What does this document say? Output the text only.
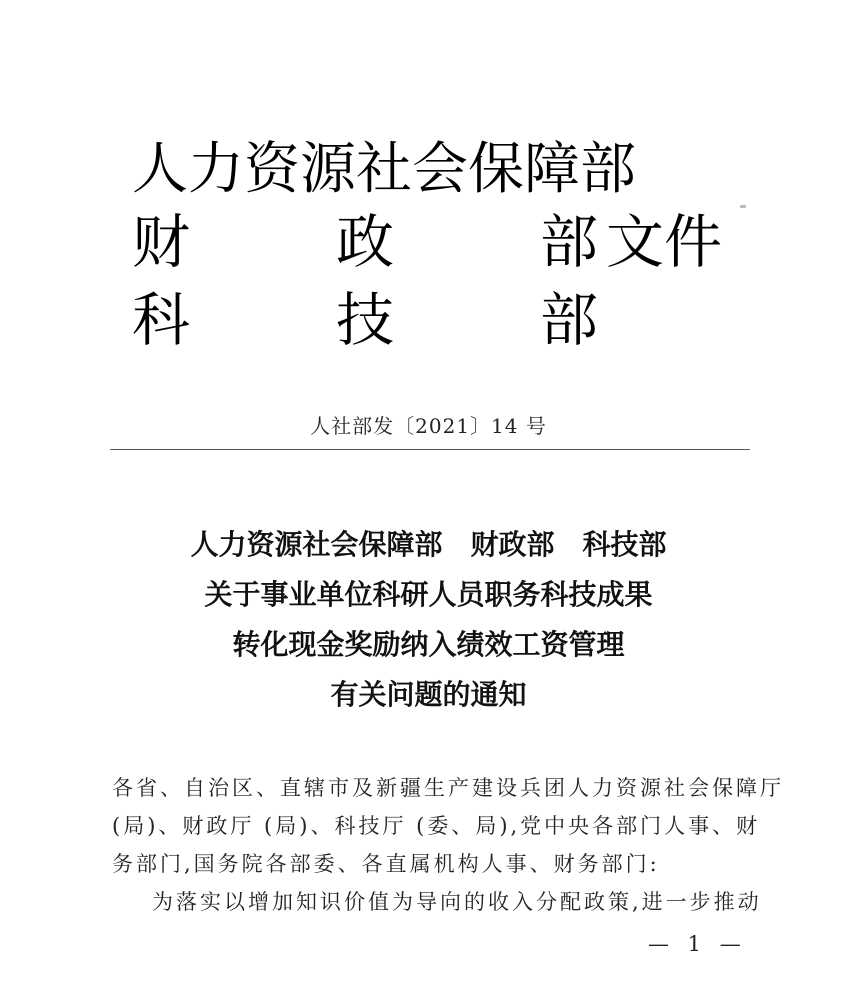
人力资源社会保障部
财	政	部 文件
科	技	部
人社部发〔2021〕14 号
人力资源社会保障部　财政部　科技部
关于事业单位科研人员职务科技成果
转化现金奖励纳入绩效工资管理
有关问题的通知
各省、自治区、直辖市及新疆生产建设兵团人力资源社会保障厅
(局)、财政厅 (局)、科技厅 (委、局),党中央各部门人事、财
务部门,国务院各部委、各直属机构人事、财务部门:
为落实以增加知识价值为导向的收入分配政策,进一步推动
— 1 —
